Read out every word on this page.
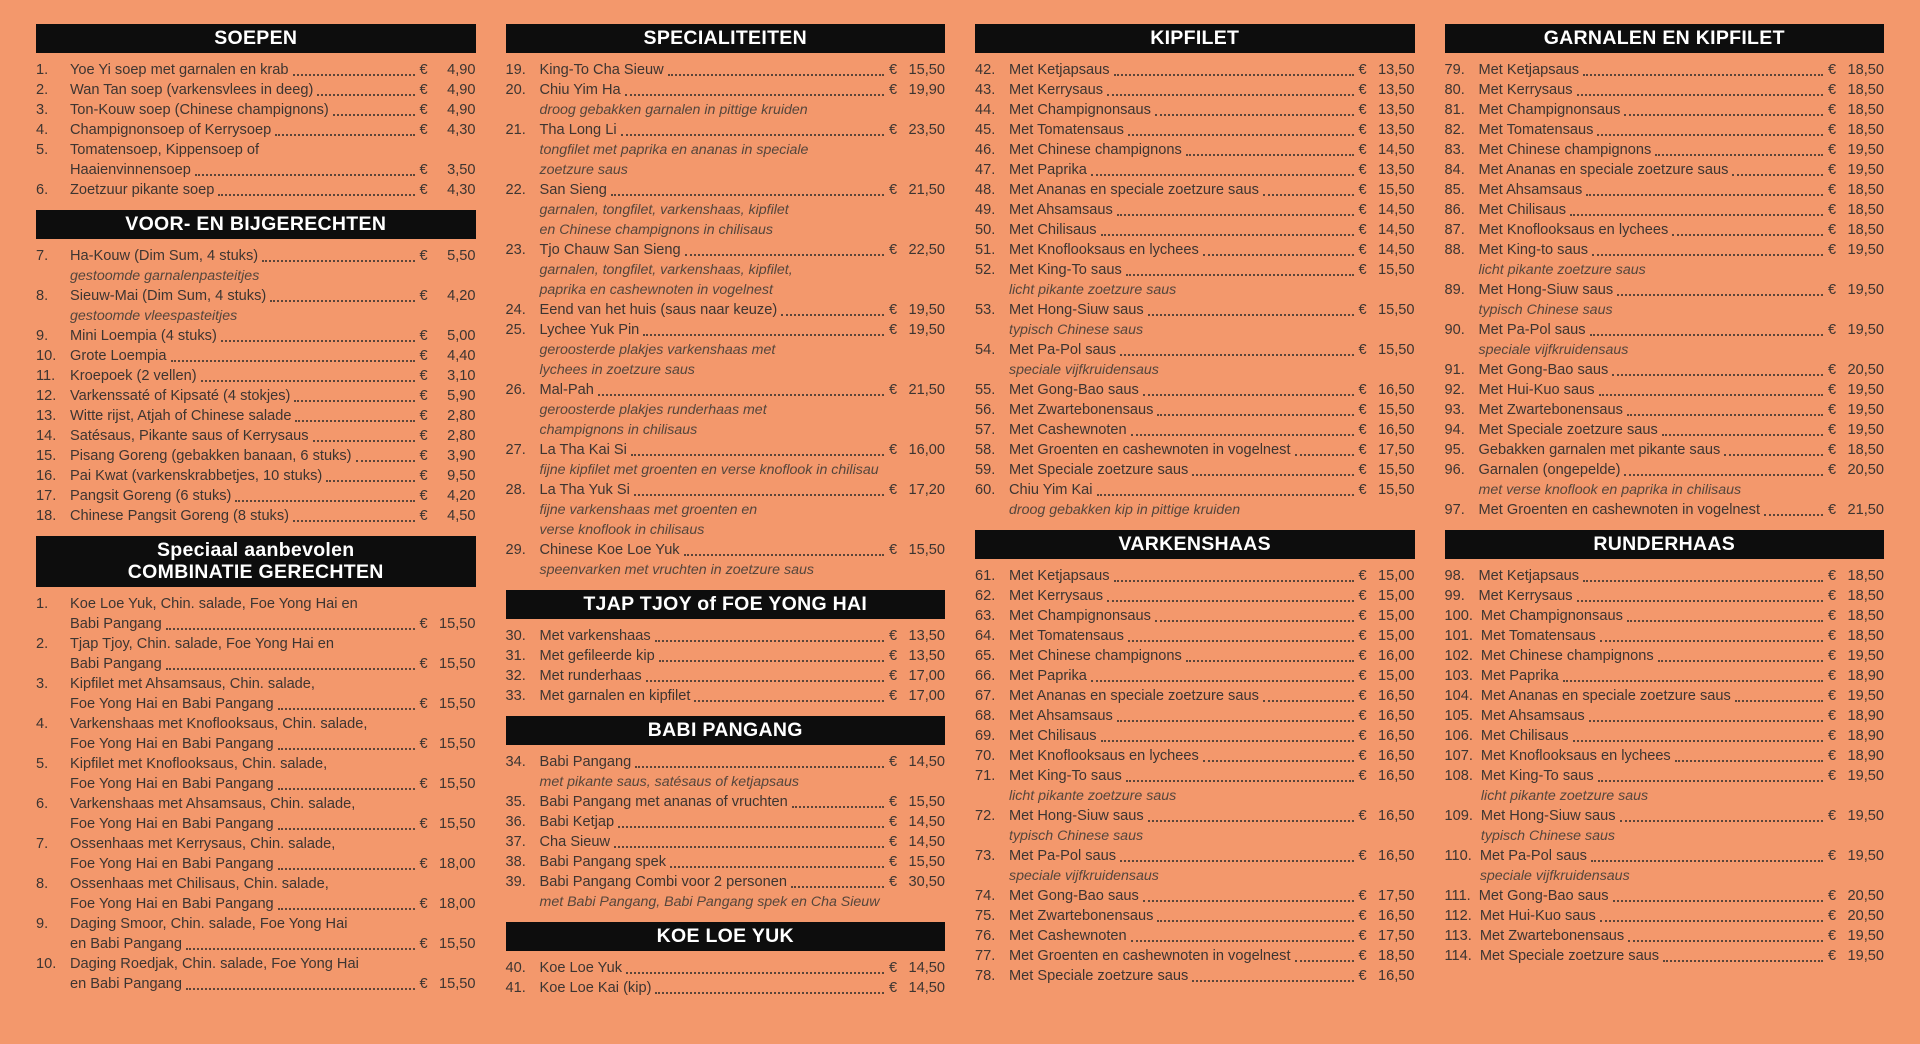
SOEPEN
1.	Yoe Yi soep met garnalen en krab	€ 4,90
2.	Wan Tan soep (varkensvlees in deeg)	€ 4,90
3.	Ton-Kouw soep (Chinese champignons)	€ 4,90
4.	Champignonsoep of Kerrysoep	€ 4,30
5.	Tomatensoep, Kippensoep of
Haaienvinnensoep	€ 3,50
6.	Zoetzuur pikante soep	€ 4,30
VOOR- EN BIJGERECHTEN
7.	Ha-Kouw (Dim Sum, 4 stuks)	€ 5,50
gestoomde garnalenpasteitjes
8.	Sieuw-Mai (Dim Sum, 4 stuks)	€ 4,20
gestoomde vleespasteitjes
9.	Mini Loempia (4 stuks)	€ 5,00
10. Grote Loempia	€ 4,40
11.	Kroepoek (2 vellen)	€ 3,10
12. Varkenssaté of Kipsaté (4 stokjes)	€ 5,90
13. Witte rijst, Atjah of Chinese salade	€ 2,80
14. Satésaus, Pikante saus of Kerrysaus	€ 2,80
15. Pisang Goreng (gebakken banaan, 6 stuks)	€ 3,90
16. Pai Kwat (varkenskrabbetjes, 10 stuks)	€ 9,50
17. Pangsit Goreng (6 stuks)	€ 4,20
18. Chinese Pangsit Goreng (8 stuks)	€ 4,50
Speciaal aanbevolen
COMBINATIE GERECHTEN
1.	Koe Loe Yuk, Chin. salade, Foe Yong Hai en
Babi Pangang	€ 15,50
2.	Tjap Tjoy, Chin. salade, Foe Yong Hai en
Babi Pangang	€ 15,50
3.	Kipfilet met Ahsamsaus, Chin. salade,
Foe Yong Hai en Babi Pangang	€ 15,50
4.	Varkenshaas met Knoflooksaus, Chin. salade,
Foe Yong Hai en Babi Pangang	€ 15,50
5.	Kipfilet met Knoflooksaus, Chin. salade,
Foe Yong Hai en Babi Pangang	€ 15,50
6.	Varkenshaas met Ahsamsaus, Chin. salade,
Foe Yong Hai en Babi Pangang	€ 15,50
7.	Ossenhaas met Kerrysaus, Chin. salade,
Foe Yong Hai en Babi Pangang	€ 18,00
8.	Ossenhaas met Chilisaus, Chin. salade,
Foe Yong Hai en Babi Pangang	€ 18,00
9.	Daging Smoor, Chin. salade, Foe Yong Hai
en Babi Pangang	€ 15,50
10. Daging Roedjak, Chin. salade, Foe Yong Hai
en Babi Pangang	€ 15,50
SPECIALITEITEN
19. King-To Cha Sieuw	€ 15,50
20. Chiu Yim Ha	€ 19,90
droog gebakken garnalen in pittige kruiden
21. Tha Long Li	€ 23,50
tongfilet met paprika en ananas in speciale
zoetzure saus
22. San Sieng	€ 21,50
garnalen, tongfilet, varkenshaas, kipfilet
en Chinese champignons in chilisaus
23. Tjo Chauw San Sieng	€ 22,50
garnalen, tongfilet, varkenshaas, kipfilet,
paprika en cashewnoten in vogelnest
24. Eend van het huis (saus naar keuze)	€ 19,50
25. Lychee Yuk Pin	€ 19,50
geroosterde plakjes varkenshaas met
lychees in zoetzure saus
26. Mal-Pah	€ 21,50
geroosterde plakjes runderhaas met
champignons in chilisaus
27. La Tha Kai Si	€ 16,00
fijne kipfilet met groenten en verse knoflook in chilisau
28. La Tha Yuk Si	€ 17,20
fijne varkenshaas met groenten en
verse knoflook in chilisaus
29. Chinese Koe Loe Yuk	€ 15,50
speenvarken met vruchten in zoetzure saus
TJAP TJOY of FOE YONG HAI
30. Met varkenshaas	€ 13,50
31. Met gefileerde kip	€ 13,50
32. Met runderhaas	€ 17,00
33. Met garnalen en kipfilet	€ 17,00
BABI PANGANG
34. Babi Pangang	€ 14,50
met pikante saus, satésaus of ketjapsaus
35. Babi Pangang met ananas of vruchten	€ 15,50
36. Babi Ketjap	€ 14,50
37. Cha Sieuw	€ 14,50
38. Babi Pangang spek	€ 15,50
39. Babi Pangang Combi voor 2 personen	€ 30,50
met Babi Pangang, Babi Pangang spek en Cha Sieuw
KOE LOE YUK
40. Koe Loe Yuk	€ 14,50
41. Koe Loe Kai (kip)	€ 14,50
KIPFILET
42. Met Ketjapsaus	€ 13,50
43. Met Kerrysaus	€ 13,50
44. Met Champignonsaus	€ 13,50
45. Met Tomatensaus	€ 13,50
46. Met Chinese champignons	€ 14,50
47. Met Paprika	€ 13,50
48. Met Ananas en speciale zoetzure saus	€ 15,50
49. Met Ahsamsaus	€ 14,50
50. Met Chilisaus	€ 14,50
51. Met Knoflooksaus en lychees	€ 14,50
52. Met King-To saus	€ 15,50
licht pikante zoetzure saus
53. Met Hong-Siuw saus	€ 15,50
typisch Chinese saus
54. Met Pa-Pol saus	€ 15,50
speciale vijfkruidensaus
55. Met Gong-Bao saus	€ 16,50
56. Met Zwartebonensaus	€ 15,50
57. Met Cashewnoten	€ 16,50
58. Met Groenten en cashewnoten in vogelnest	€ 17,50
59. Met Speciale zoetzure saus	€ 15,50
60. Chiu Yim Kai	€ 15,50
droog gebakken kip in pittige kruiden
VARKENSHAAS
61. Met Ketjapsaus	€ 15,00
62. Met Kerrysaus	€ 15,00
63. Met Champignonsaus	€ 15,00
64. Met Tomatensaus	€ 15,00
65. Met Chinese champignons	€ 16,00
66. Met Paprika	€ 15,00
67. Met Ananas en speciale zoetzure saus	€ 16,50
68. Met Ahsamsaus	€ 16,50
69. Met Chilisaus	€ 16,50
70. Met Knoflooksaus en lychees	€ 16,50
71. Met King-To saus	€ 16,50
licht pikante zoetzure saus
72. Met Hong-Siuw saus	€ 16,50
typisch Chinese saus
73. Met Pa-Pol saus	€ 16,50
speciale vijfkruidensaus
74. Met Gong-Bao saus	€ 17,50
75. Met Zwartebonensaus	€ 16,50
76. Met Cashewnoten	€ 17,50
77. Met Groenten en cashewnoten in vogelnest	€ 18,50
78. Met Speciale zoetzure saus	€ 16,50
GARNALEN EN KIPFILET
79. Met Ketjapsaus	€ 18,50
80. Met Kerrysaus	€ 18,50
81. Met Champignonsaus	€ 18,50
82. Met Tomatensaus	€ 18,50
83. Met Chinese champignons	€ 19,50
84. Met Ananas en speciale zoetzure saus	€ 19,50
85. Met Ahsamsaus	€ 18,50
86. Met Chilisaus	€ 18,50
87. Met Knoflooksaus en lychees	€ 18,50
88. Met King-to saus	€ 19,50
licht pikante zoetzure saus
89. Met Hong-Siuw saus	€ 19,50
typisch Chinese saus
90. Met Pa-Pol saus	€ 19,50
speciale vijfkruidensaus
91. Met Gong-Bao saus	€ 20,50
92. Met Hui-Kuo saus	€ 19,50
93. Met Zwartebonensaus	€ 19,50
94. Met Speciale zoetzure saus	€ 19,50
95. Gebakken garnalen met pikante saus	€ 18,50
96. Garnalen (ongepelde)	€ 20,50
met verse knoflook en paprika in chilisaus
97. Met Groenten en cashewnoten in vogelnest	€ 21,50
RUNDERHAAS
98. Met Ketjapsaus	€ 18,50
99. Met Kerrysaus	€ 18,50
100. Met Champignonsaus	€ 18,50
101. Met Tomatensaus	€ 18,50
102. Met Chinese champignons	€ 19,50
103. Met Paprika	€ 18,90
104. Met Ananas en speciale zoetzure saus	€ 19,50
105. Met Ahsamsaus	€ 18,90
106. Met Chilisaus	€ 18,90
107. Met Knoflooksaus en lychees	€ 18,90
108. Met King-To saus	€ 19,50
licht pikante zoetzure saus
109. Met Hong-Siuw saus	€ 19,50
typisch Chinese saus
110. Met Pa-Pol saus	€ 19,50
speciale vijfkruidensaus
111. Met Gong-Bao saus	€ 20,50
112. Met Hui-Kuo saus	€ 20,50
113. Met Zwartebonensaus	€ 19,50
114. Met Speciale zoetzure saus	€ 19,50
